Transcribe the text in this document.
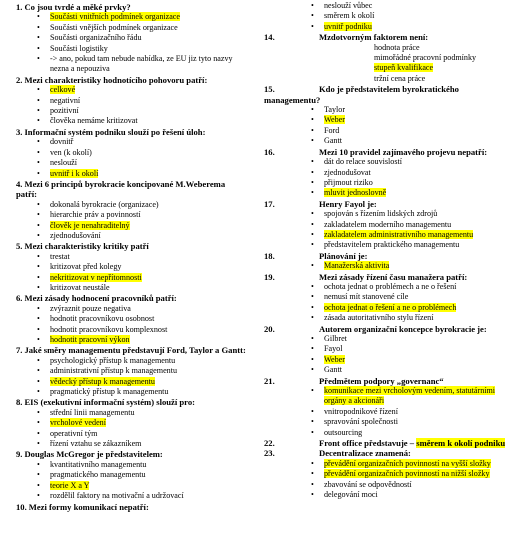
1. Co jsou tvrdé a měké prvky?
• Součásti vnitřních podmínek organizace
• Součásti vnějších podmínek organizace
• Součásti organizačního řádu
• Součásti logistiky
• -> ano, pokud tam nebude nabídka, ze EU jiz tyto nazvy
nezna a nepouziva
2. Mezi charakteristiky hodnotícího pohovoru patří:
• celkové
• negativní
• pozitivní
• člověka nemáme kritizovat
3. Informační systém podniku slouží po řešení úloh:
• dovnitř
• ven (k okolí)
• neslouží
• uvnitř i k okolí
4. Mezi 6 principů byrokracie koncipované M.Weberema
patří:
• dokonalá byrokracie (organizace)
• hierarchie práv a povinností
• člověk je nenahraditelný
• zjednodušování
5. Mezi charakteristiky kritiky patří
• trestat
• kritizovat před kolegy
• nekritizovat v nepřítomnosti
• kritizovat neustále
6. Mezi zásady hodnocení pracovníků patří:
• zvýraznit pouze negativa
• hodnotit pracovníkovu osobnost
• hodnotit pracovníkovu komplexnost
• hodnotit pracovní výkon
7. Jaké směry managementu představují Ford, Taylor a Gantt:
• psychologický přístup k managementu
• administrativní přístup k managementu
• vědecký přístup k managementu
• pragmatický přístup k managementu
8. EIS (exekutivní informační systém) slouží pro:
• střední linii managementu
• vrcholové vedení
• operativní tým
• řízení vztahu se zákazníkem
9. Douglas McGregor je představitelem:
• kvantitativního managementu
• pragmatického managementu
• teorie X a Y
• rozdělil faktory na motivační a udržovací
10. Mezi formy komunikací nepatří:
• neslouží vůbec
• směrem k okolí
• uvnitř podniku
14.	Mzdotvorným faktorem není:
hodnota práce
mimořádné pracovní podmínky
stupeň kvalifikace
tržní cena práce
15.	Kdo je představitelem byrokratického
managementu?
• Taylor
• Weber
• Ford
• Gantt
16.	Mezi 10 pravidel zajímavého projevu nepatří:
• dát do relace souvislostí
• zjednodušovat
• přijmout riziko
• mluvit jednoslovně
17.	Henry Fayol je:
• spojován s řízením lidských zdrojů
• zakladatelem moderního managementu
• zakladatelem administrativního managementu
• představitelem praktického managementu
18.	Plánování je:
• Manažerská aktivita
19.	Mezi zásady řízení času manažera patří:
• ochota jednat o problémech a ne o řešení
• nemusí mít stanovené cíle
• ochota jednat o řešení a ne o problémech
• zásada autoritativního stylu řízení
20.	Autorem organizační koncepce byrokracie je:
• Gilbret
• Fayol
• Weber
• Gantt
21.	Předmětem podpory „governanc“
• komunikace mezi vrcholovým vedením, statutárními
orgány a akcionáři
• vnitropodnikové řízení
• spravování společnosti
• outsourcing
22.	Front office představuje – směrem k okolí podniku
23.	Decentralizace znamená:
• převádění organizačních povinností na vyšší složky
• převádění organizačních povinností na nižší složky
• zbavování se odpovědností
• delegování moci
